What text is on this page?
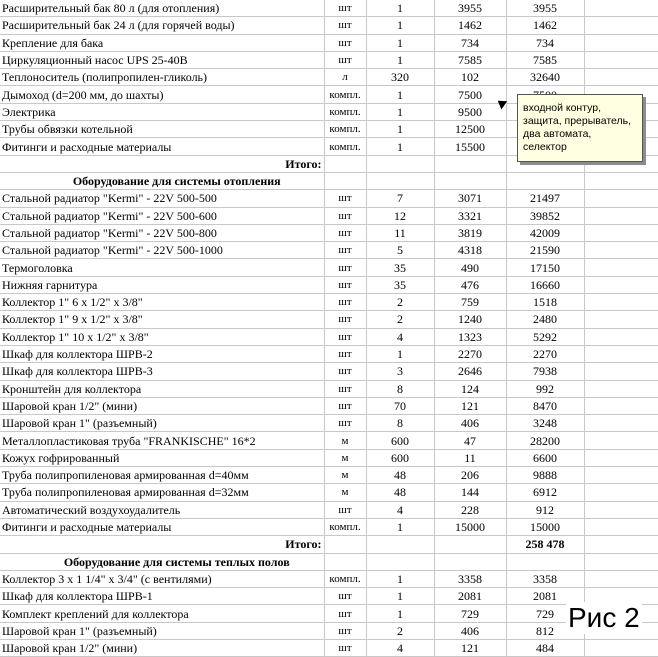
Расширительный бак 80 л (для отопления)	шт	1	3955	3955	
Расширительный бак 24 л (для горячей воды)	шт	1	1462	1462	
Крепление для бака	шт	1	734	734	
Циркуляционный насос UPS 25-40B	шт	1	7585	7585	
Теплоноситель (полипропилен-гликоль)	л	320	102	32640	
Дымоход (d=200 мм, до шахты)	компл.	1	7500		
Электрика	компл.	1	9500		
Трубы обвязки котельной	компл.	1	12500		
Фитинги и расходные материалы	компл.	1	15500		
Итого:					
Оборудование для системы отопления					
Стальной радиатор "Kermi" - 22V 500-500	шт	7	3071	21497	
Стальной радиатор "Kermi" - 22V 500-600	шт	12	3321	39852	
Стальной радиатор "Kermi" - 22V 500-800	шт	11	3819	42009	
Стальной радиатор "Kermi" - 22V 500-1000	шт	5	4318	21590	
Термоголовка	шт	35	490	17150	
Нижняя гарнитура	шт	35	476	16660	
Коллектор 1" 6 х 1/2" х 3/8"	шт	2	759	1518	
Коллектор 1" 9 х 1/2" х 3/8"	шт	2	1240	2480	
Коллектор 1" 10 х 1/2" х 3/8"	шт	4	1323	5292	
Шкаф для коллектора ШРВ-2	шт	1	2270	2270	
Шкаф для коллектора ШРВ-3	шт	3	2646	7938	
Кронштейн для коллектора	шт	8	124	992	
Шаровой кран 1/2" (мини)	шт	70	121	8470	
Шаровой кран 1" (разъемный)	шт	8	406	3248	
Металлопластиковая труба "FRANKISCHE" 16*2	м	600	47	28200	
Кожух гофрированный	м	600	11	6600	
Труба полипропиленовая армированная d=40мм	м	48	206	9888	
Труба полипропиленовая армированная d=32мм	м	48	144	6912	
Автоматический воздухоудалитель	шт	4	228	912	
Фитинги и расходные материалы	компл.	1	15000	15000	
Итого:				258 478	
Оборудование для системы теплых полов					
Коллектор 3 х 1 1/4" х 3/4" (с вентилями)	компл.	1	3358	3358	
Шкаф для коллектора ШРВ-1	шт	1	2081	2081	
Комплект креплений для коллектора	шт	1	729	729	
Шаровой кран 1" (разъемный)	шт	2	406	812	
Шаровой кран 1/2" (мини)	шт	4	121	484	
входной контур,
защита, прерыватель,
два автомата,
селектор
Рис 2
